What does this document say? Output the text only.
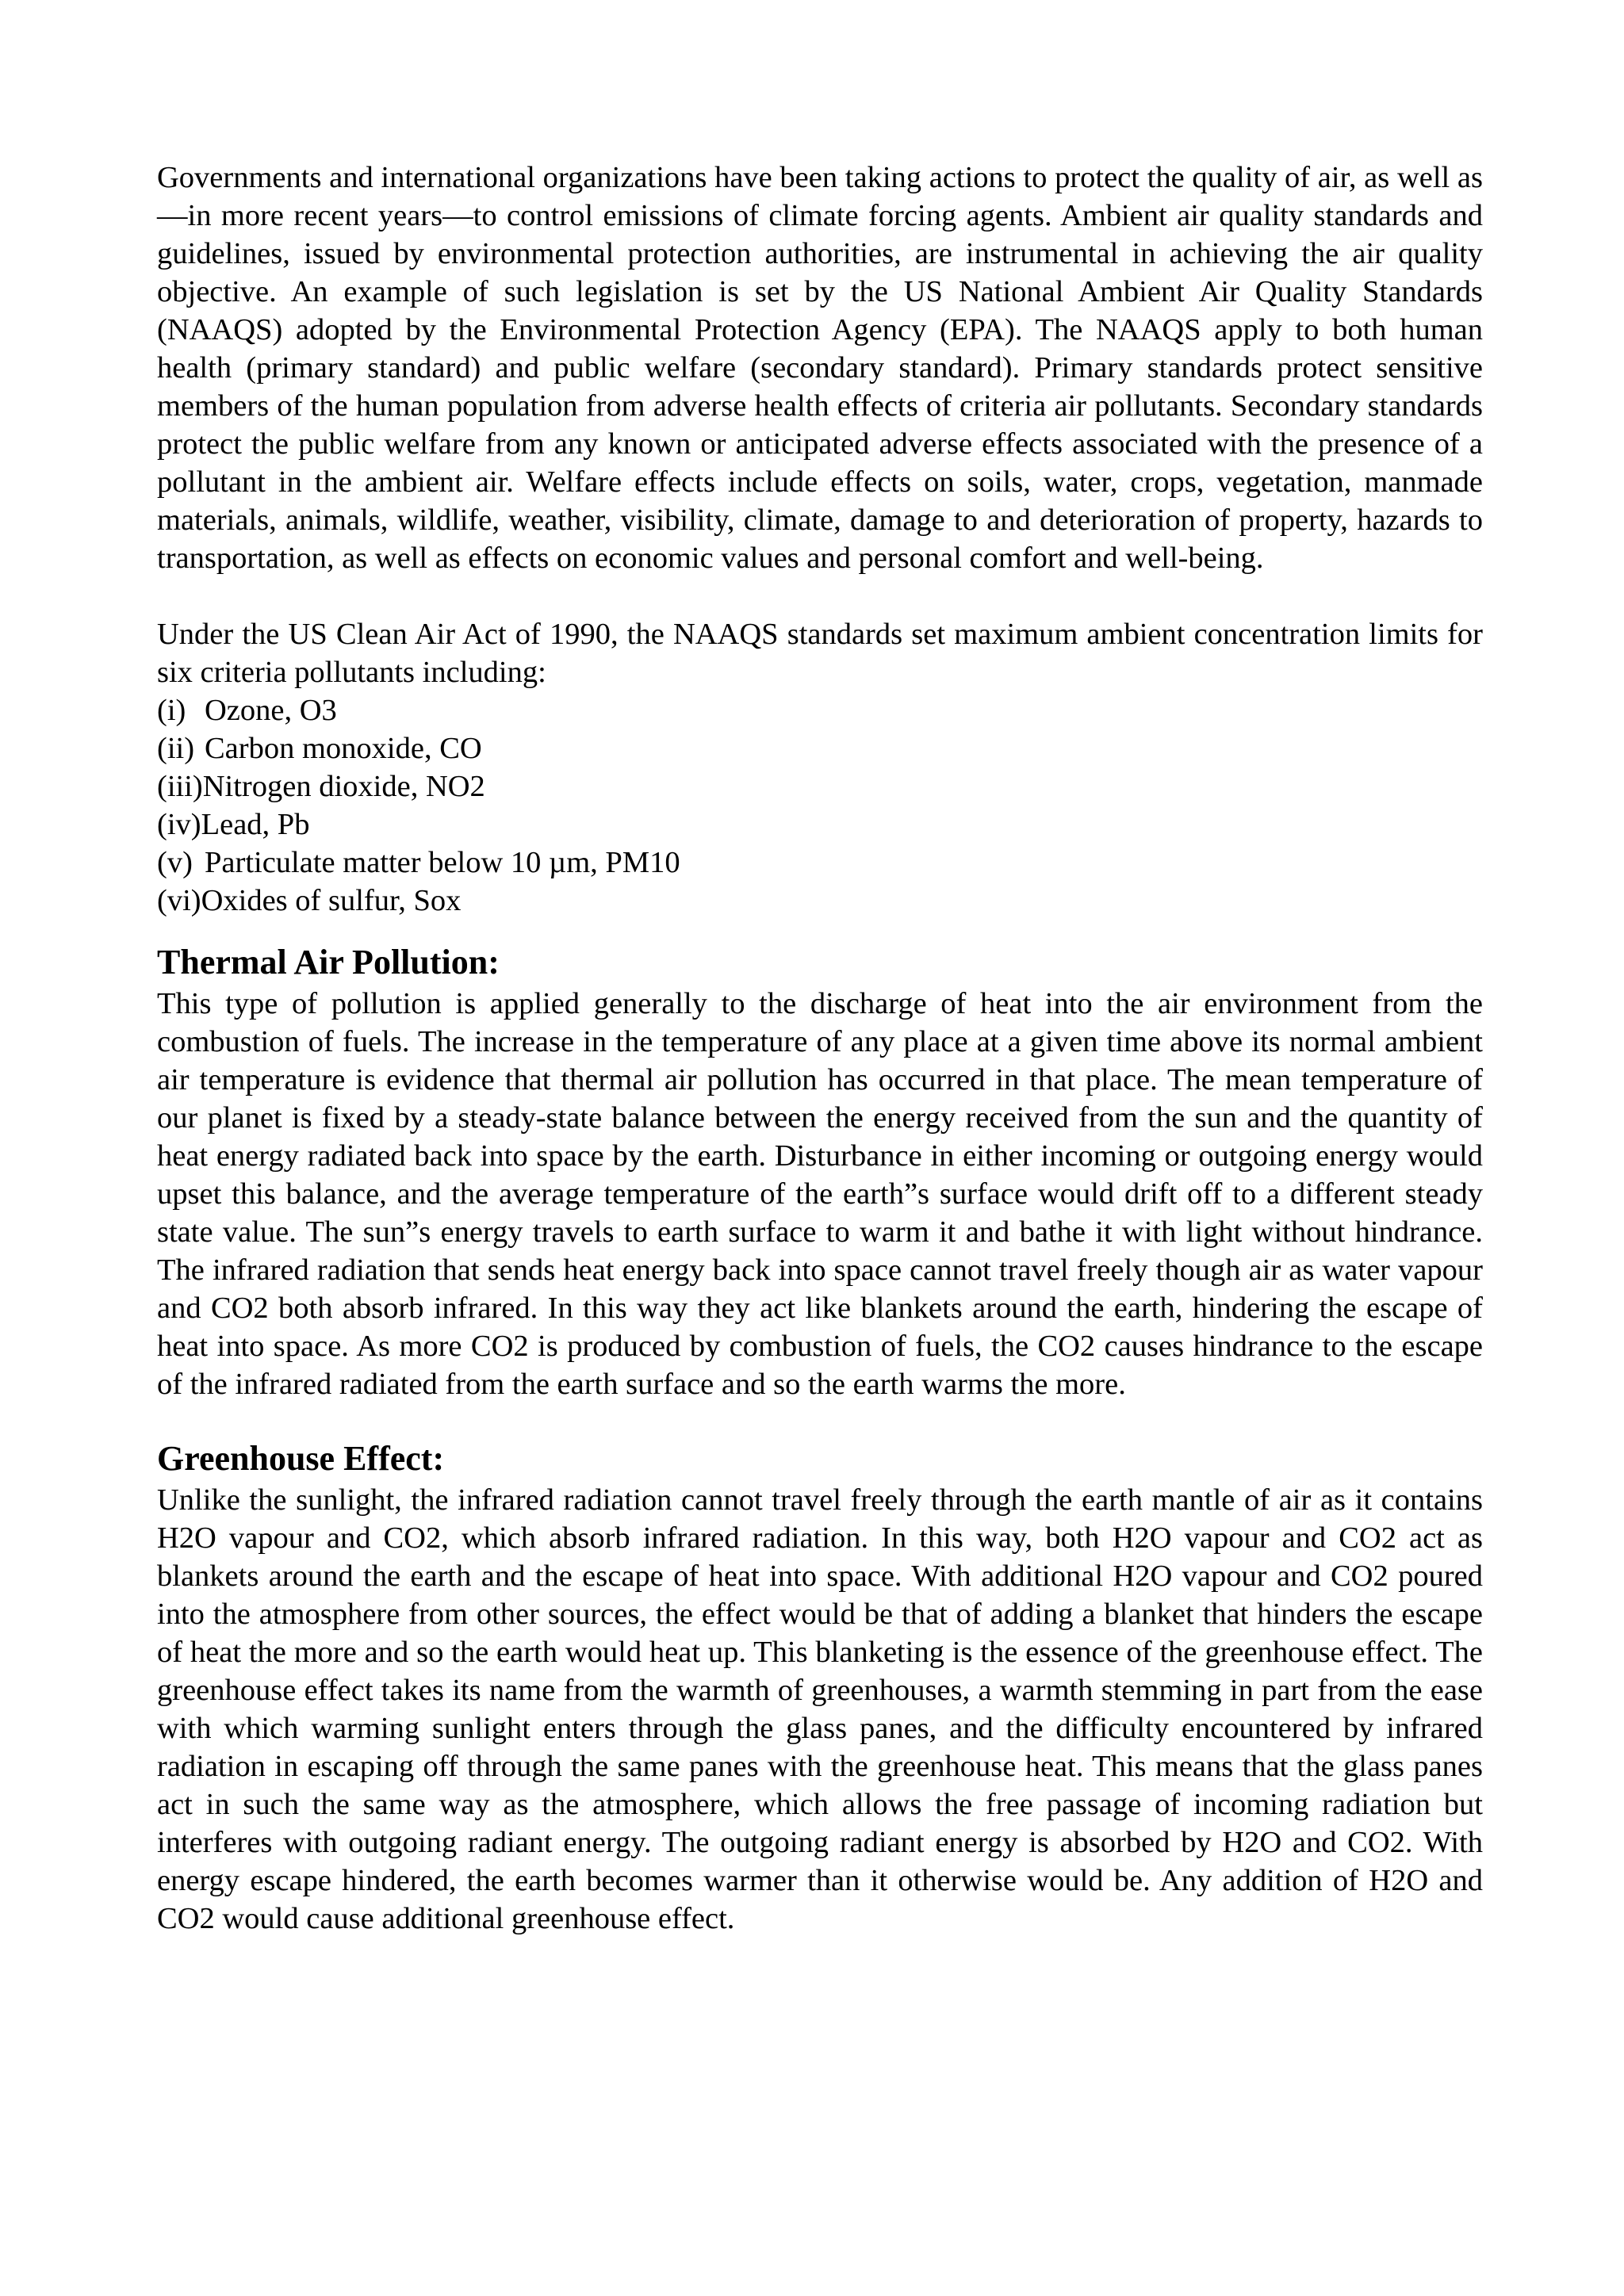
Governments and international organizations have been taking actions to protect the quality of air, as well as—in more recent years—to control emissions of climate forcing agents. Ambient air quality standards and guidelines, issued by environmental protection authorities, are instrumental in achieving the air quality objective. An example of such legislation is set by the US National Ambient Air Quality Standards (NAAQS) adopted by the Environmental Protection Agency (EPA). The NAAQS apply to both human health (primary standard) and public welfare (secondary standard). Primary standards protect sensitive members of the human population from adverse health effects of criteria air pollutants. Secondary standards protect the public welfare from any known or anticipated adverse effects associated with the presence of a pollutant in the ambient air. Welfare effects include effects on soils, water, crops, vegetation, manmade materials, animals, wildlife, weather, visibility, climate, damage to and deterioration of property, hazards to transportation, as well as effects on economic values and personal comfort and well-being.

Under the US Clean Air Act of 1990, the NAAQS standards set maximum ambient concentration limits for six criteria pollutants including:

(i) Ozone, O3
(ii) Carbon monoxide, CO
(iii) Nitrogen dioxide, NO2
(iv) Lead, Pb
(v) Particulate matter below 10 µm, PM10
(vi) Oxides of sulfur, Sox
Thermal Air Pollution:

This type of pollution is applied generally to the discharge of heat into the air environment from the combustion of fuels. The increase in the temperature of any place at a given time above its normal ambient air temperature is evidence that thermal air pollution has occurred in that place. The mean temperature of our planet is fixed by a steady-state balance between the energy received from the sun and the quantity of heat energy radiated back into space by the earth. Disturbance in either incoming or outgoing energy would upset this balance, and the average temperature of the earth”s surface would drift off to a different steady state value. The sun”s energy travels to earth surface to warm it and bathe it with light without hindrance. The infrared radiation that sends heat energy back into space cannot travel freely though air as water vapour and CO2 both absorb infrared. In this way they act like blankets around the earth, hindering the escape of heat into space. As more CO2 is produced by combustion of fuels, the CO2 causes hindrance to the escape of the infrared radiated from the earth surface and so the earth warms the more.

Greenhouse Effect:

Unlike the sunlight, the infrared radiation cannot travel freely through the earth mantle of air as it contains H2O vapour and CO2, which absorb infrared radiation. In this way, both H2O vapour and CO2 act as blankets around the earth and the escape of heat into space. With additional H2O vapour and CO2 poured into the atmosphere from other sources, the effect would be that of adding a blanket that hinders the escape of heat the more and so the earth would heat up. This blanketing is the essence of the greenhouse effect. The greenhouse effect takes its name from the warmth of greenhouses, a warmth stemming in part from the ease with which warming sunlight enters through the glass panes, and the difficulty encountered by infrared radiation in escaping off through the same panes with the greenhouse heat. This means that the glass panes act in such the same way as the atmosphere, which allows the free passage of incoming radiation but interferes with outgoing radiant energy. The outgoing radiant energy is absorbed by H2O and CO2. With energy escape hindered, the earth becomes warmer than it otherwise would be. Any addition of H2O and CO2 would cause additional greenhouse effect.
